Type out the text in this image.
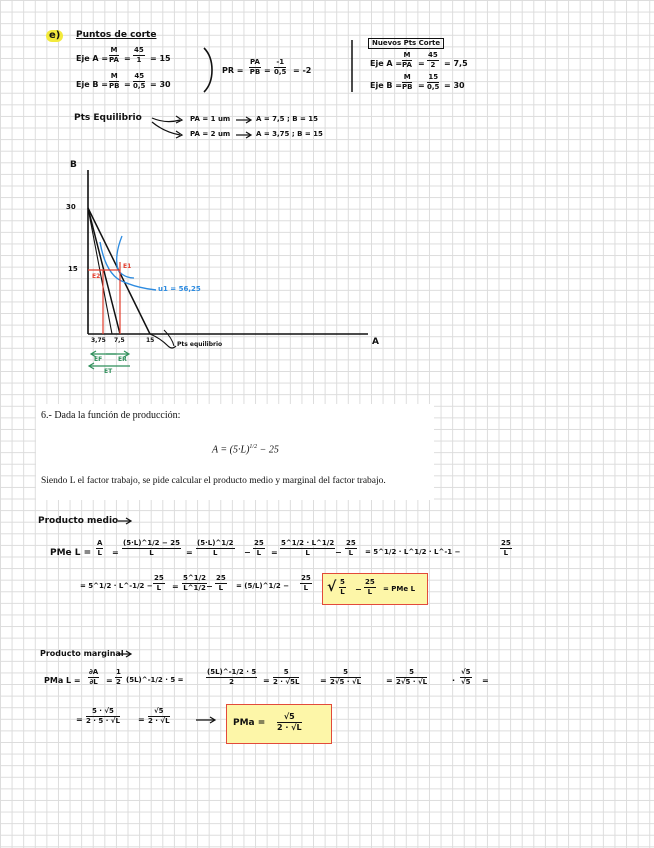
e)	Puntos de corte
Eje $A = \frac{M}{PA} = \frac{45}{1} = 15$
Eje $B = \frac{M}{PB} = \frac{45}{0,5} = 30$
PR = $\frac{PA}{PB} = \frac{-1}{0,5} = -2$
Nuevos Pts Corte
Eje $A = \frac{M}{PA} = \frac{45}{2} = 7,5$
Eje $B = \frac{M}{PB} = \frac{15}{0,5} = 30$
Pts Equilibrio	PA = 1 um	A = 7,5 ; B = 15
PA = 2 um	A = 3,75 ; B = 15
B
A
30
15
15
3,75 7,5
E1
E2
u1 = 56,25
Pts equilibrio
EF	ER
ET
6.- Dada la función de producción:
$A = (5\cdot L)^{1/2} - 25$
Siendo L el factor trabajo, se pide calcular el producto medio y marginal del factor trabajo.
Producto medio
PMe $L = \frac{A}{L} = \frac{(5\cdot L)\^{}1/2 - 25}{L} = \frac{(5\cdot L)\^{}1/2}{L} - \frac{25}{L} = \frac{5\^{}1/2 \cdot L\^{}1/2}{L} - \frac{25}{L}$ = 5^1/2 · L^1/2 · L^-1 −	$\frac{25}{L}$
= 5^1/2 · L^-1/2 − $\frac{25}{L} = \frac{5\^{}1/2}{L\^{}1/2}$
− $\frac{25}{L}$ = (5/L)^1/2 − $\frac{25}{L}$ √ $\frac{5}{L} - \frac{25}{L}$ = PMe L
Producto marginal
PMa $L = \frac{\partial A}{\partial L} = \frac{1}{2}$ (5L)^-1/2 · 5 =	$\frac{(5L)\^{}-1/2 \cdot 5}{2} = \frac{5}{2 \cdot √5L}$	= $\frac{5}{2√5 \cdot √L}$	= $\frac{5}{2√5 \cdot √L}$	· $\frac{√5}{√5}$ =
= $\frac{5 \cdot √5}{2 \cdot 5 \cdot √L} = \frac{√5}{2 \cdot √L}$	PMa = $\frac{√5}{2 \cdot √L}$
